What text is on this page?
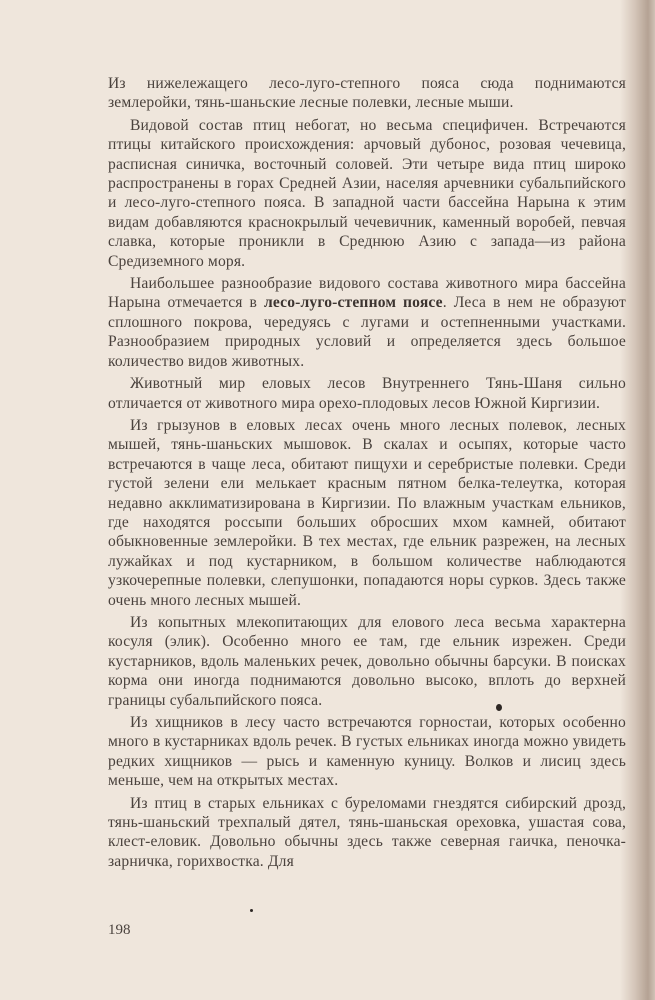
Из нижележащего лесо-луго-степного пояса сюда поднимаются землеройки, тянь-шаньские лесные полевки, лесные мыши.

Видовой состав птиц небогат, но весьма специфичен. Встречаются птицы китайского происхождения: арчовый дубонос, розовая чечевица, расписная синичка, восточный соловей. Эти четыре вида птиц широко распространены в горах Средней Азии, населяя арчевники субальпийского и лесо-луго-степного пояса. В западной части бассейна Нарына к этим видам добавляются краснокрылый чечевичник, каменный воробей, певчая славка, которые проникли в Среднюю Азию с запада—из района Средиземного моря.

Наибольшее разнообразие видового состава животного мира бассейна Нарына отмечается в лесо-луго-степном поясе. Леса в нем не образуют сплошного покрова, чередуясь с лугами и остепненными участками. Разнообразием природных условий и определяется здесь большое количество видов животных.

Животный мир еловых лесов Внутреннего Тянь-Шаня сильно отличается от животного мира орехо-плодовых лесов Южной Киргизии.

Из грызунов в еловых лесах очень много лесных полевок, лесных мышей, тянь-шаньских мышовок. В скалах и осыпях, которые часто встречаются в чаще леса, обитают пищухи и серебристые полевки. Среди густой зелени ели мелькает красным пятном белка-телеутка, которая недавно акклиматизирована в Киргизии. По влажным участкам ельников, где находятся россыпи больших обросших мхом камней, обитают обыкновенные землеройки. В тех местах, где ельник разрежен, на лесных лужайках и под кустарником, в большом количестве наблюдаются узкочерепные полевки, слепушонки, попадаются норы сурков. Здесь также очень много лесных мышей.

Из копытных млекопитающих для елового леса весьма характерна косуля (элик). Особенно много ее там, где ельник изрежен. Среди кустарников, вдоль маленьких речек, довольно обычны барсуки. В поисках корма они иногда поднимаются довольно высоко, вплоть до верхней границы субальпийского пояса.

Из хищников в лесу часто встречаются горностаи, которых особенно много в кустарниках вдоль речек. В густых ельниках иногда можно увидеть редких хищников — рысь и каменную куницу. Волков и лисиц здесь меньше, чем на открытых местах.

Из птиц в старых ельниках с буреломами гнездятся сибирский дрозд, тянь-шаньский трехпалый дятел, тянь-шаньская ореховка, ушастая сова, клест-еловик. Довольно обычны здесь также северная гаичка, пеночка-зарничка, горихвостка. Для

198
